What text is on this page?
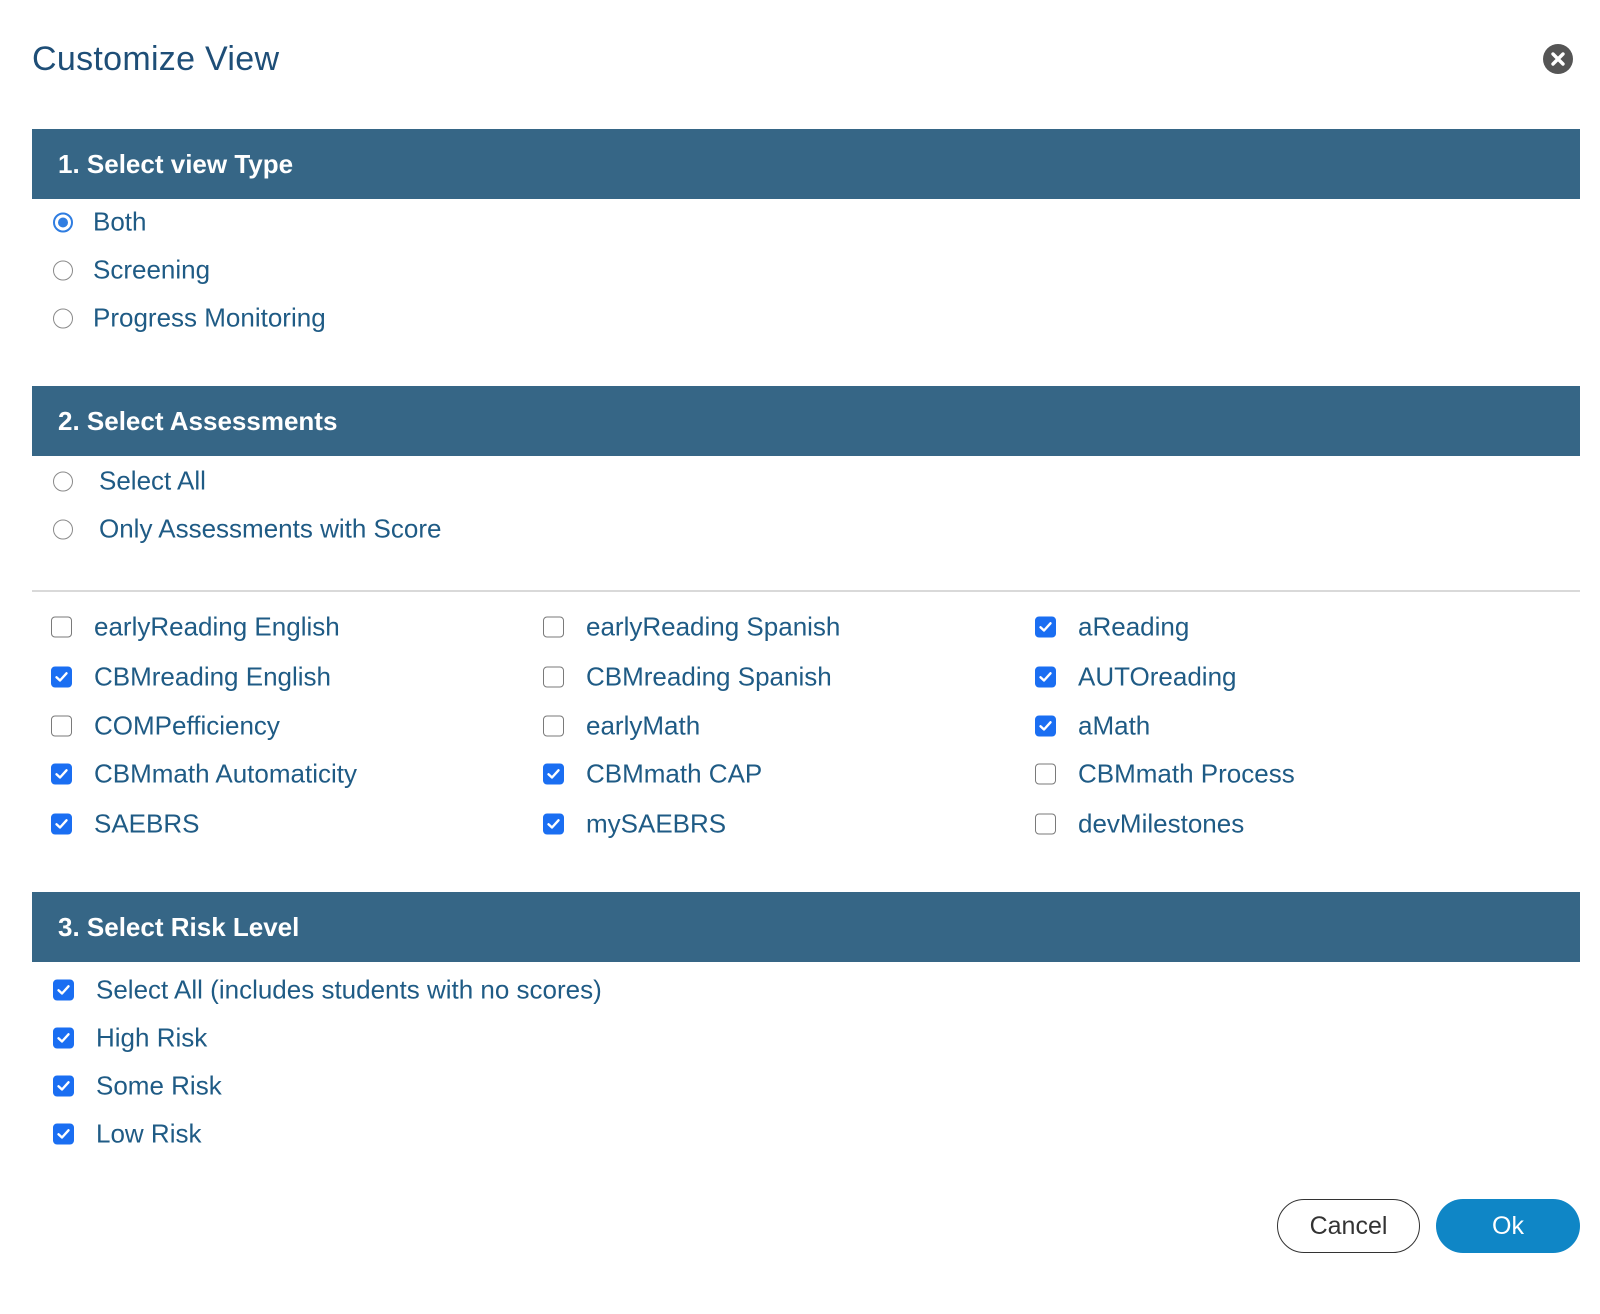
Customize View
1. Select view Type
Both
Screening
Progress Monitoring
2. Select Assessments
Select All
Only Assessments with Score
earlyReading English	earlyReading Spanish	aReading
CBMreading English	CBMreading Spanish	AUTOreading
COMPefficiency	earlyMath	aMath
CBMmath Automaticity	CBMmath CAP	CBMmath Process
SAEBRS	mySAEBRS	devMilestones
3. Select Risk Level
Select All (includes students with no scores)
High Risk
Some Risk
Low Risk
Cancel	Ok
